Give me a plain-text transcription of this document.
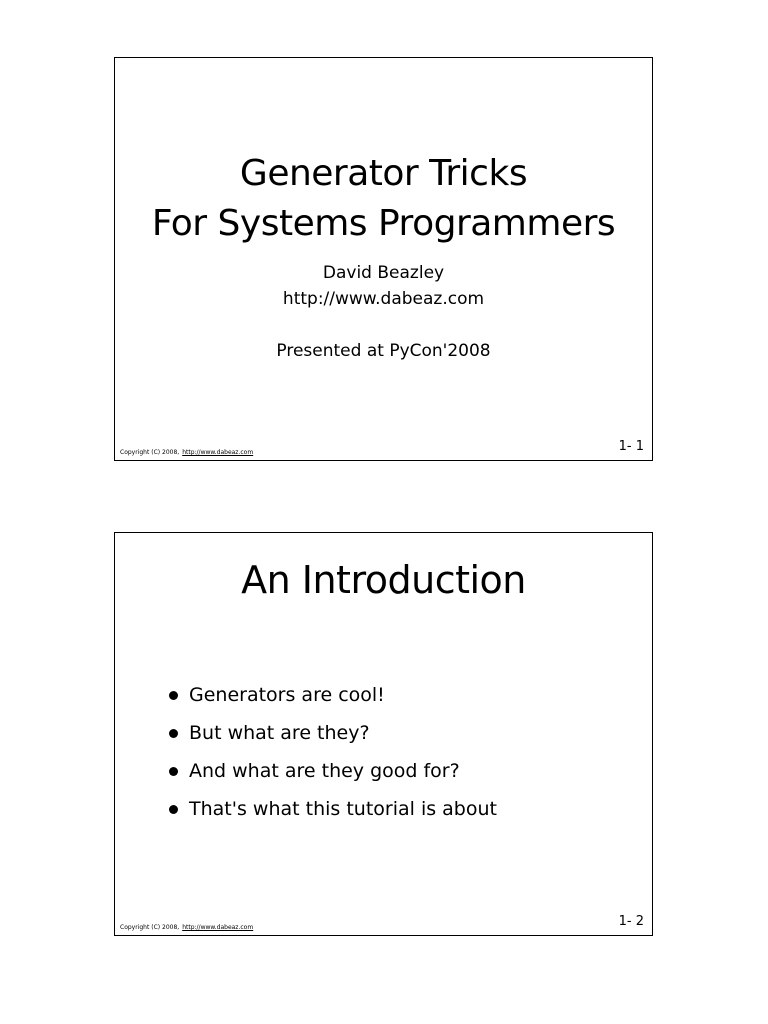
Generator Tricks
For Systems Programmers
David Beazley
http://www.dabeaz.com
Presented at PyCon'2008
Copyright (C) 2008, http://www.dabeaz.com	1- 1
An Introduction
Generators are cool!
But what are they?
And what are they good for?
That's what this tutorial is about
Copyright (C) 2008, http://www.dabeaz.com	1- 2
